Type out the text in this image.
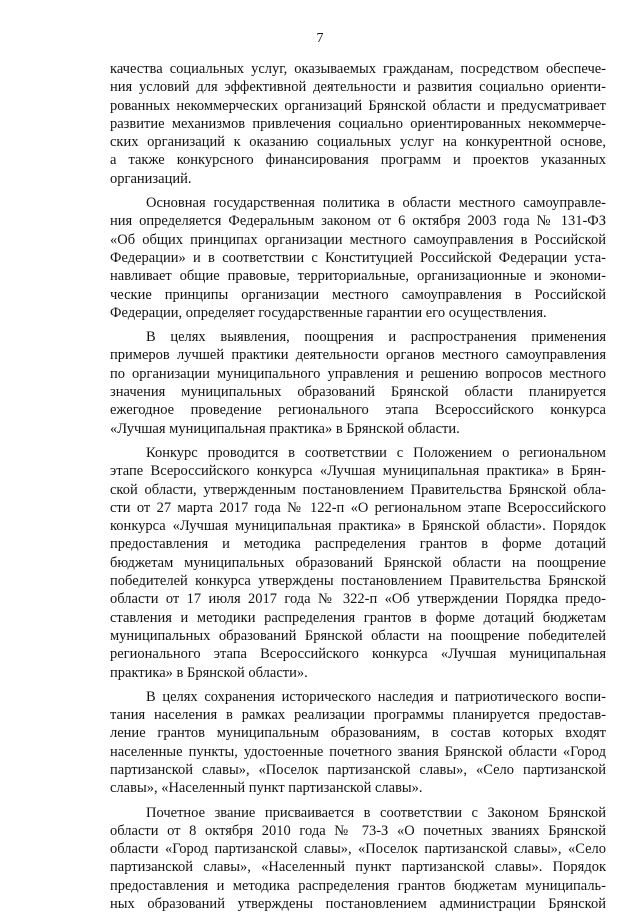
7
качества социальных услуг, оказываемых гражданам, посредством обеспече-
ния условий для эффективной деятельности и развития социально ориенти-
рованных некоммерческих организаций Брянской области и предусматривает
развитие механизмов привлечения социально ориентированных некоммерче-
ских организаций к оказанию социальных услуг на конкурентной основе,
а также конкурсного финансирования программ и проектов указанных
организаций.
Основная государственная политика в области местного самоуправле-
ния определяется Федеральным законом от 6 октября 2003 года № 131-ФЗ
«Об общих принципах организации местного самоуправления в Российской
Федерации» и в соответствии с Конституцией Российской Федерации уста-
навливает общие правовые, территориальные, организационные и экономи-
ческие принципы организации местного самоуправления в Российской
Федерации, определяет государственные гарантии его осуществления.
В целях выявления, поощрения и распространения применения
примеров лучшей практики деятельности органов местного самоуправления
по организации муниципального управления и решению вопросов местного
значения муниципальных образований Брянской области планируется
ежегодное проведение регионального этапа Всероссийского конкурса
«Лучшая муниципальная практика» в Брянской области.
Конкурс проводится в соответствии с Положением о региональном
этапе Всероссийского конкурса «Лучшая муниципальная практика» в Брян-
ской области, утвержденным постановлением Правительства Брянской обла-
сти от 27 марта 2017 года № 122-п «О региональном этапе Всероссийского
конкурса «Лучшая муниципальная практика» в Брянской области». Порядок
предоставления и методика распределения грантов в форме дотаций
бюджетам муниципальных образований Брянской области на поощрение
победителей конкурса утверждены постановлением Правительства Брянской
области от 17 июля 2017 года № 322-п «Об утверждении Порядка предо-
ставления и методики распределения грантов в форме дотаций бюджетам
муниципальных образований Брянской области на поощрение победителей
регионального этапа Всероссийского конкурса «Лучшая муниципальная
практика» в Брянской области».
В целях сохранения исторического наследия и патриотического воспи-
тания населения в рамках реализации программы планируется предостав-
ление грантов муниципальным образованиям, в состав которых входят
населенные пункты, удостоенные почетного звания Брянской области «Город
партизанской славы», «Поселок партизанской славы», «Село партизанской
славы», «Населенный пункт партизанской славы».
Почетное звание присваивается в соответствии с Законом Брянской
области от 8 октября 2010 года № 73-З «О почетных званиях Брянской
области «Город партизанской славы», «Поселок партизанской славы», «Село
партизанской славы», «Населенный пункт партизанской славы». Порядок
предоставления и методика распределения грантов бюджетам муниципаль-
ных образований утверждены постановлением администрации Брянской
